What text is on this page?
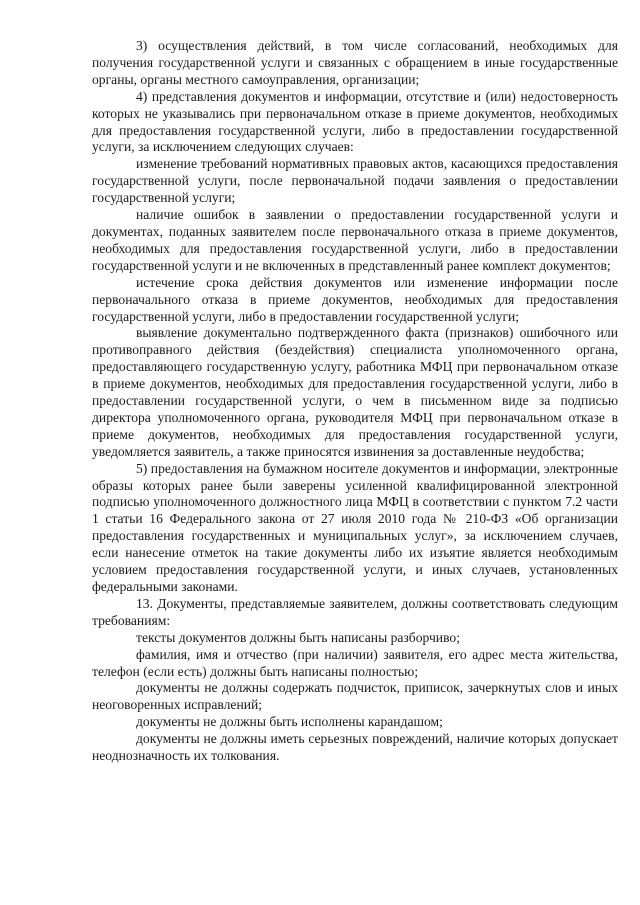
3) осуществления действий, в том числе согласований, необходимых для получения государственной услуги и связанных с обращением в иные государственные органы, органы местного самоуправления, организации;

4) представления документов и информации, отсутствие и (или) недостоверность которых не указывались при первоначальном отказе в приеме документов, необходимых для предоставления государственной услуги, либо в предоставлении государственной услуги, за исключением следующих случаев:

изменение требований нормативных правовых актов, касающихся предоставления государственной услуги, после первоначальной подачи заявления о предоставлении государственной услуги;

наличие ошибок в заявлении о предоставлении государственной услуги и документах, поданных заявителем после первоначального отказа в приеме документов, необходимых для предоставления государственной услуги, либо в предоставлении государственной услуги и не включенных в представленный ранее комплект документов;

истечение срока действия документов или изменение информации после первоначального отказа в приеме документов, необходимых для предоставления государственной услуги, либо в предоставлении государственной услуги;

выявление документально подтвержденного факта (признаков) ошибочного или противоправного действия (бездействия) специалиста уполномоченного органа, предоставляющего государственную услугу, работника МФЦ при первоначальном отказе в приеме документов, необходимых для предоставления государственной услуги, либо в предоставлении государственной услуги, о чем в письменном виде за подписью директора уполномоченного органа, руководителя МФЦ при первоначальном отказе в приеме документов, необходимых для предоставления государственной услуги, уведомляется заявитель, а также приносятся извинения за доставленные неудобства;

5) предоставления на бумажном носителе документов и информации, электронные образы которых ранее были заверены усиленной квалифицированной электронной подписью уполномоченного должностного лица МФЦ в соответствии с пунктом 7.2 части 1 статьи 16 Федерального закона от 27 июля 2010 года № 210-ФЗ «Об организации предоставления государственных и муниципальных услуг», за исключением случаев, если нанесение отметок на такие документы либо их изъятие является необходимым условием предоставления государственной услуги, и иных случаев, установленных федеральными законами.

13. Документы, представляемые заявителем, должны соответствовать следующим требованиям:

тексты документов должны быть написаны разборчиво;

фамилия, имя и отчество (при наличии) заявителя, его адрес места жительства, телефон (если есть) должны быть написаны полностью;

документы не должны содержать подчисток, приписок, зачеркнутых слов и иных неоговоренных исправлений;

документы не должны быть исполнены карандашом;

документы не должны иметь серьезных повреждений, наличие которых допускает неоднозначность их толкования.
